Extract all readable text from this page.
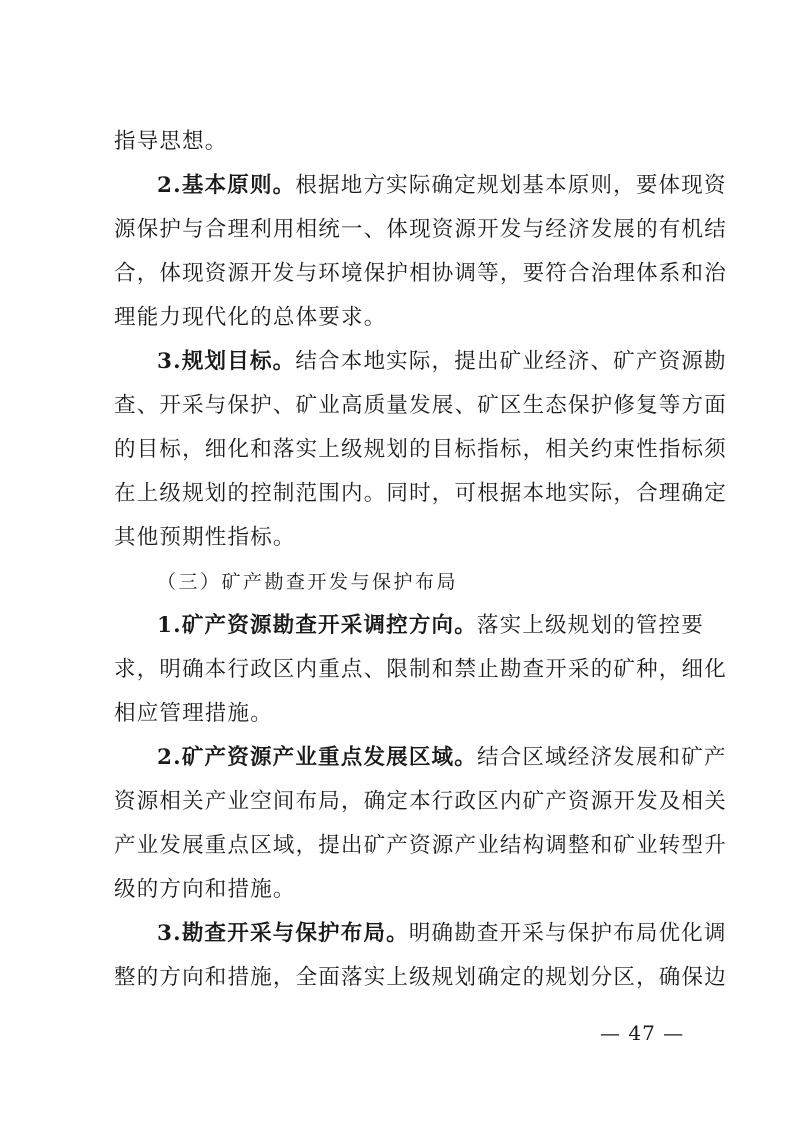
指导思想。
2.基本原则。根据地方实际确定规划基本原则，要体现资
源保护与合理利用相统一、体现资源开发与经济发展的有机结
合，体现资源开发与环境保护相协调等，要符合治理体系和治
理能力现代化的总体要求。
3.规划目标。结合本地实际，提出矿业经济、矿产资源勘
查、开采与保护、矿业高质量发展、矿区生态保护修复等方面
的目标，细化和落实上级规划的目标指标，相关约束性指标须
在上级规划的控制范围内。同时，可根据本地实际，合理确定
其他预期性指标。
（三）矿产勘查开发与保护布局
1.矿产资源勘查开采调控方向。落实上级规划的管控要
求，明确本行政区内重点、限制和禁止勘查开采的矿种，细化
相应管理措施。
2.矿产资源产业重点发展区域。结合区域经济发展和矿产
资源相关产业空间布局，确定本行政区内矿产资源开发及相关
产业发展重点区域，提出矿产资源产业结构调整和矿业转型升
级的方向和措施。
3.勘查开采与保护布局。明确勘查开采与保护布局优化调
整的方向和措施，全面落实上级规划确定的规划分区，确保边
— 47 —
